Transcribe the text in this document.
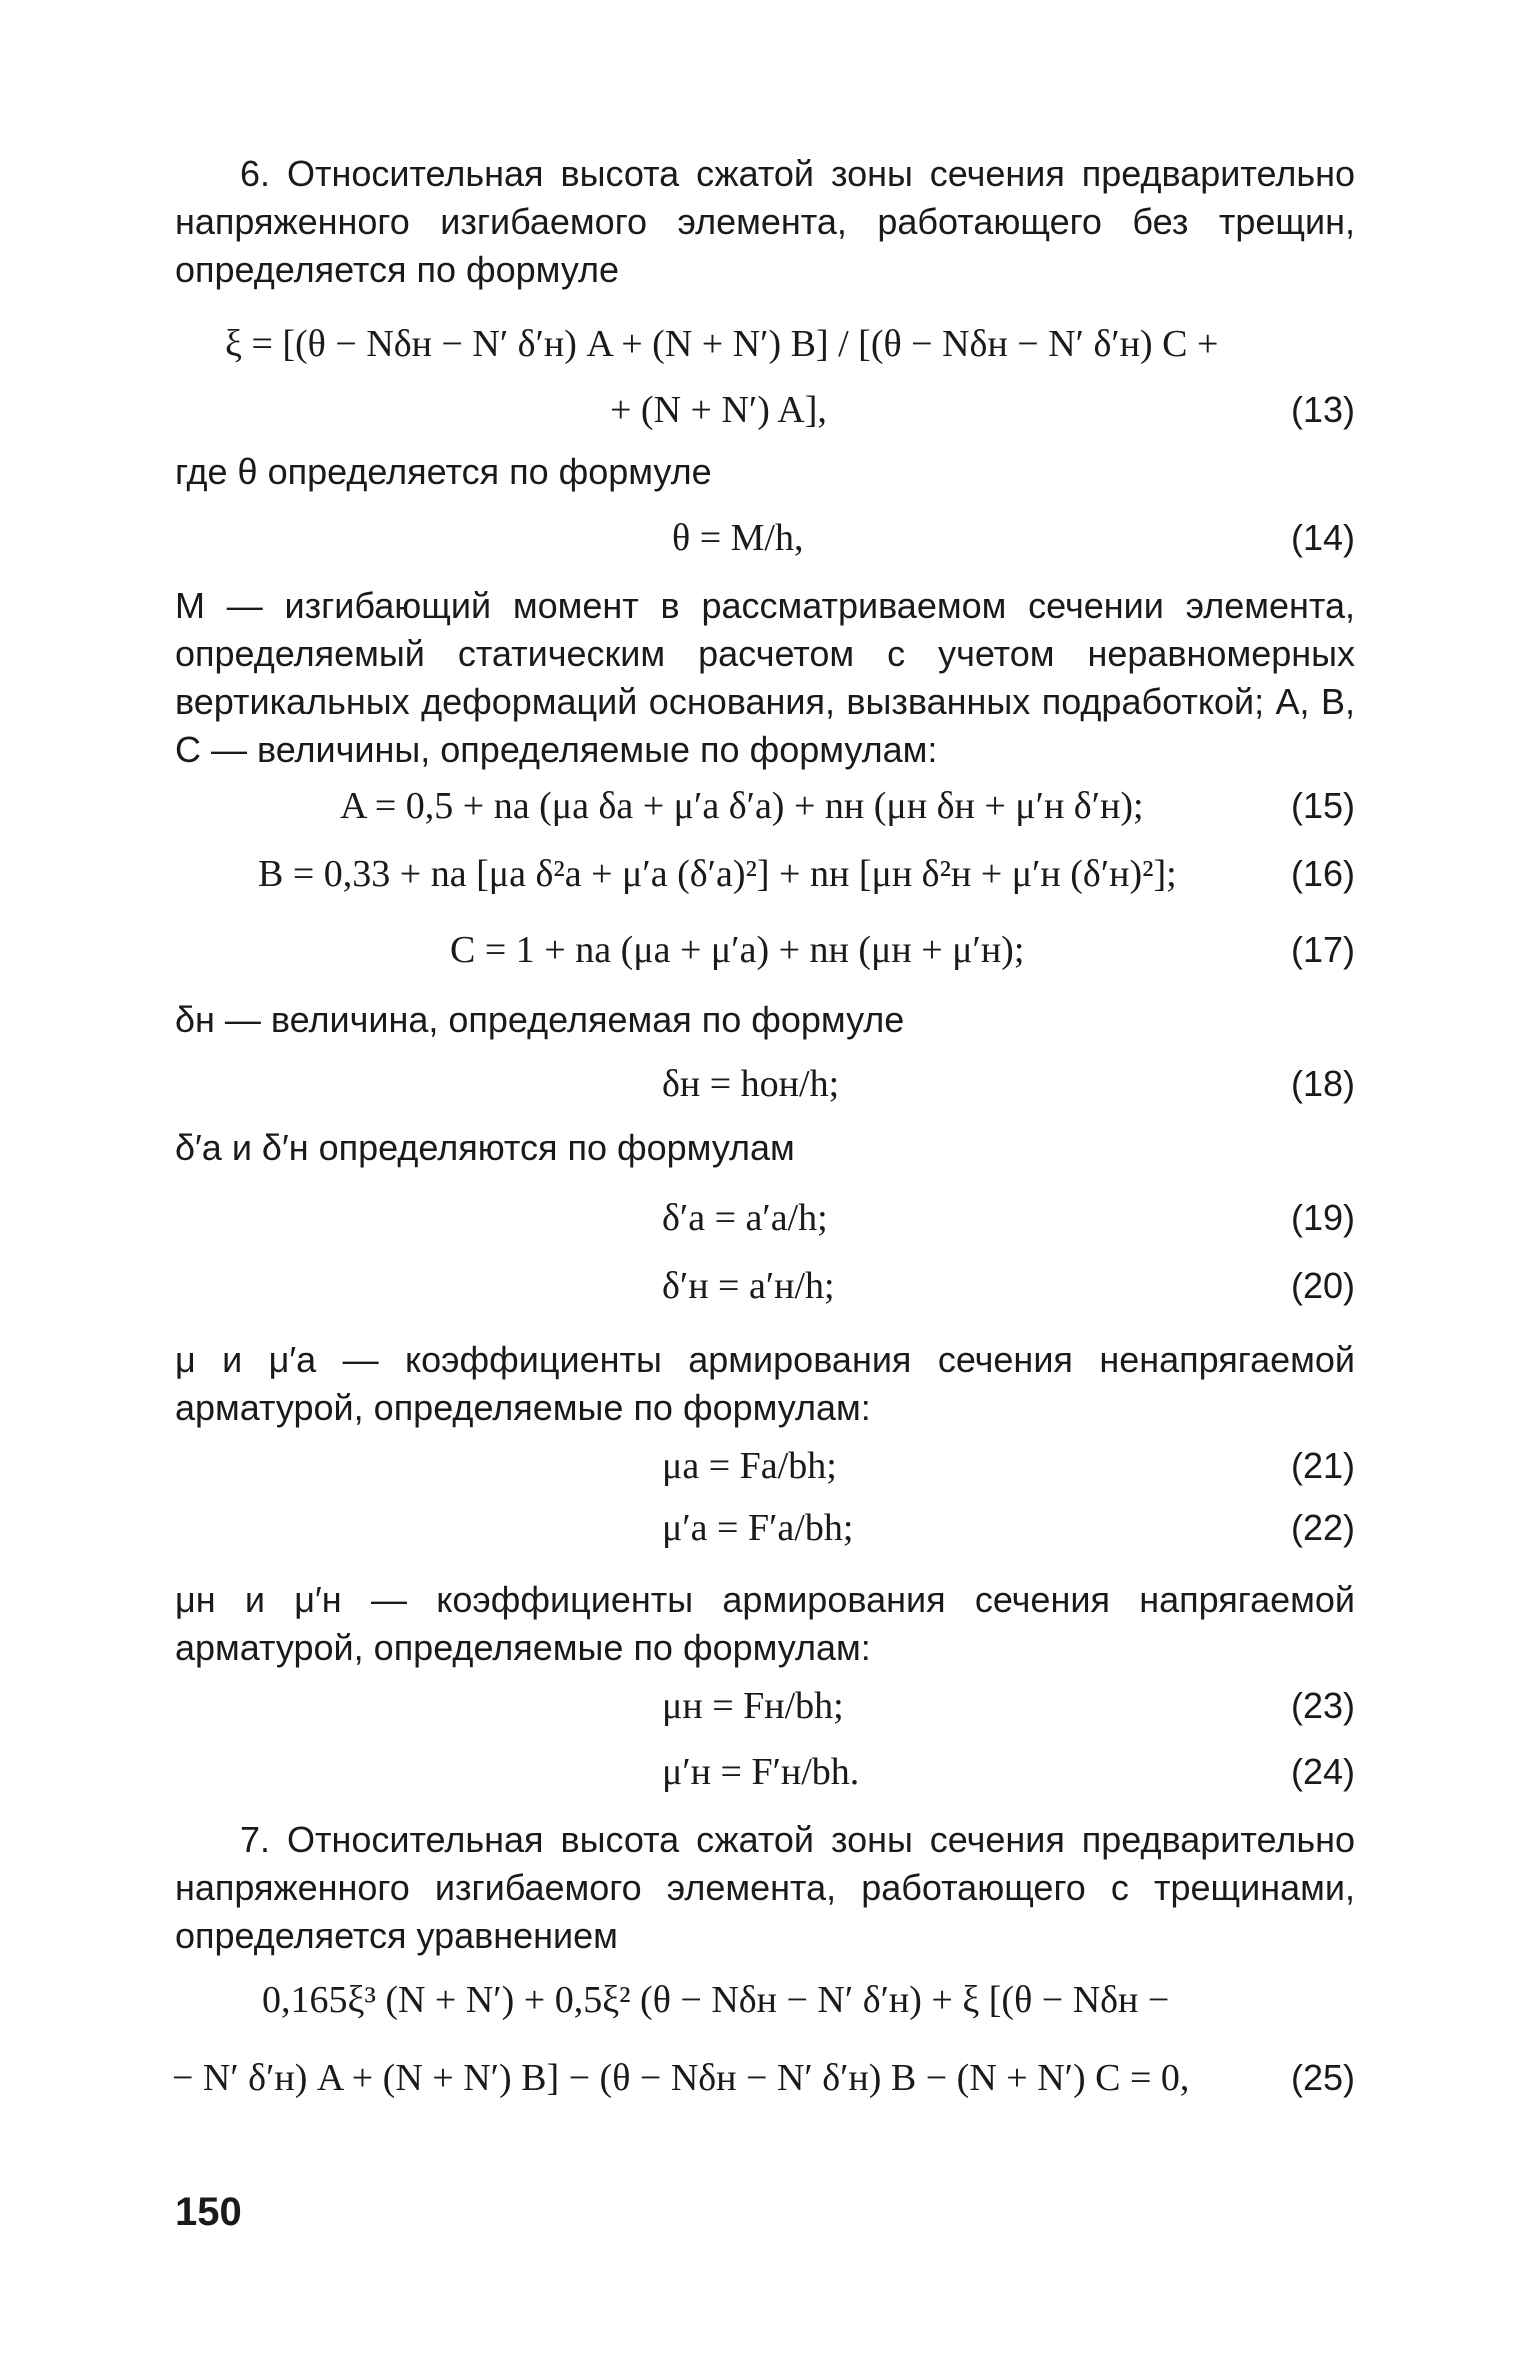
6. Относительная высота сжатой зоны сечения предварительно напряженного изгибаемого элемента, работающего без трещин, определяется по формуле
ξ = [(θ − Nδн − N′ δ′н) A + (N + N′) B] / [(θ − Nδн − N′ δ′н) C +
+ (N + N′) A],	(13)
где θ определяется по формуле
θ = M/h,	(14)
M — изгибающий момент в рассматриваемом сечении элемента, определяемый статическим расчетом с учетом неравномерных вертикальных деформаций основания, вызванных подработкой; A, B, C — величины, определяемые по формулам:
A = 0,5 + nа (μа δа + μ′а δ′а) + nн (μн δн + μ′н δ′н);	(15)
B = 0,33 + nа [μа δ²а + μ′а (δ′а)²] + nн [μн δ²н + μ′н (δ′н)²];	(16)
C = 1 + nа (μа + μ′а) + nн (μн + μ′н);	(17)
δн — величина, определяемая по формуле
δн = hон/h;	(18)
δ′а и δ′н определяются по формулам
δ′а = a′а/h;	(19)
δ′н = a′н/h;	(20)
μ и μ′а — коэффициенты армирования сечения ненапрягаемой арматурой, определяемые по формулам:
μа = Fа/bh;	(21)
μ′а = F′а/bh;	(22)
μн и μ′н — коэффициенты армирования сечения напрягаемой арматурой, определяемые по формулам:
μн = Fн/bh;	(23)
μ′н = F′н/bh.	(24)
7. Относительная высота сжатой зоны сечения предварительно напряженного изгибаемого элемента, работающего с трещинами, определяется уравнением
0,165ξ³ (N + N′) + 0,5ξ² (θ − Nδн − N′ δ′н) + ξ [(θ − Nδн −
− N′ δ′н) A + (N + N′) B] − (θ − Nδн − N′ δ′н) B − (N + N′) C = 0,	(25)
150
